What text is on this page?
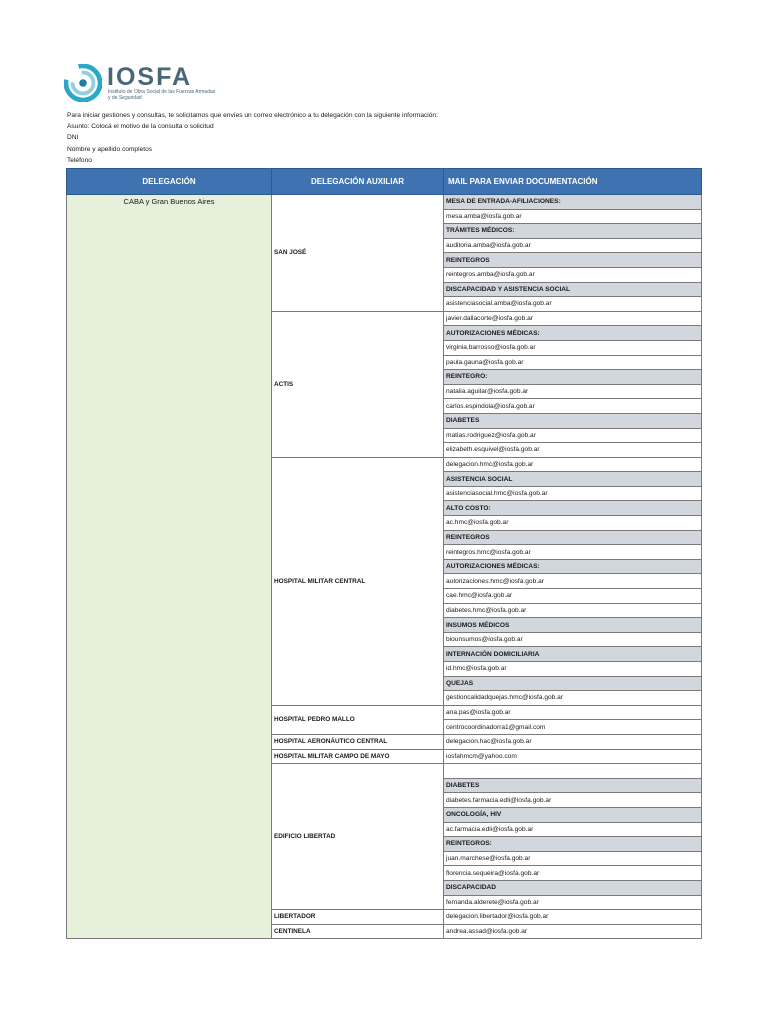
IOSFA
Instituto de Obra Social de las Fuerzas Armadas y de Seguridad
Para iniciar gestiones y consultas, te solicitamos que envíes un correo electrónico a tu delegación con la siguiente información:
Asunto: Colocá el motivo de la consulta o solicitud
DNI
Nombre y apellido completos
Teléfono
DELEGACIÓN	DELEGACIÓN AUXILIAR	MAIL PARA ENVIAR DOCUMENTACIÓN
CABA y Gran Buenos Aires	SAN JOSÉ	MESA DE ENTRADA-AFILIACIONES:
		mesa.amba@iosfa.gob.ar
		TRÁMITES MÉDICOS:
		auditoria.amba@iosfa.gob.ar
		REINTEGROS
		reintegros.amba@iosfa.gob.ar
		DISCAPACIDAD Y ASISTENCIA SOCIAL
		asistenciasocial.amba@iosfa.gob.ar
	ACTIS	javier.dallacorte@iosfa.gob.ar
		AUTORIZACIONES MÉDICAS:
		virginia.barrosso@iosfa.gob.ar
		paula.gauna@iosfa.gob.ar
		REINTEGRO:
		natalia.aguilar@iosfa.gob.ar
		carlos.espindola@iosfa.gob.ar
		DIABETES
		matias.rodriguez@iosfa.gob.ar
		elizabeth.esquivel@iosfa.gob.ar
	HOSPITAL MILITAR CENTRAL	delegacion.hmc@iosfa.gob.ar
		ASISTENCIA SOCIAL
		asistenciasocial.hmc@iosfa.gob.ar
		ALTO COSTO:
		ac.hmc@iosfa.gob.ar
		REINTEGROS
		reintegros.hmc@iosfa.gob.ar
		AUTORIZACIONES MÉDICAS:
		autorizaciones.hmc@iosfa.gob.ar
		cae.hmc@iosfa.gob.ar
		diabetes.hmc@iosfa.gob.ar
		INSUMOS MÉDICOS
		biounsumos@iosfa.gob.ar
		INTERNACIÓN DOMICILIARIA
		id.hmc@iosfa.gob.ar
		QUEJAS
		gestioncalidadquejas.hmc@iosfa.gob.ar
	HOSPITAL PEDRO MALLO	ana.pas@iosfa.gob.ar
		centrocoordinadorra1@gmail.com
	HOSPITAL AERONÁUTICO CENTRAL	delegacion.hac@iosfa.gob.ar
	HOSPITAL MILITAR CAMPO DE MAYO	iosfahmcm@yahoo.com
	EDIFICIO LIBERTAD	
		DIABETES
		diabetes.farmacia.edli@iosfa.gob.ar
		ONCOLOGÍA, HIV
		ac.farmacia.edli@iosfa.gob.ar
		REINTEGROS:
		juan.marchese@iosfa.gob.ar
		florencia.sequeira@iosfa.gob.ar
		DISCAPACIDAD
		fernanda.alderete@iosfa.gob.ar
	LIBERTADOR	delegacion.libertador@iosfa.gob.ar
	CENTINELA	andrea.assad@iosfa.gob.ar
